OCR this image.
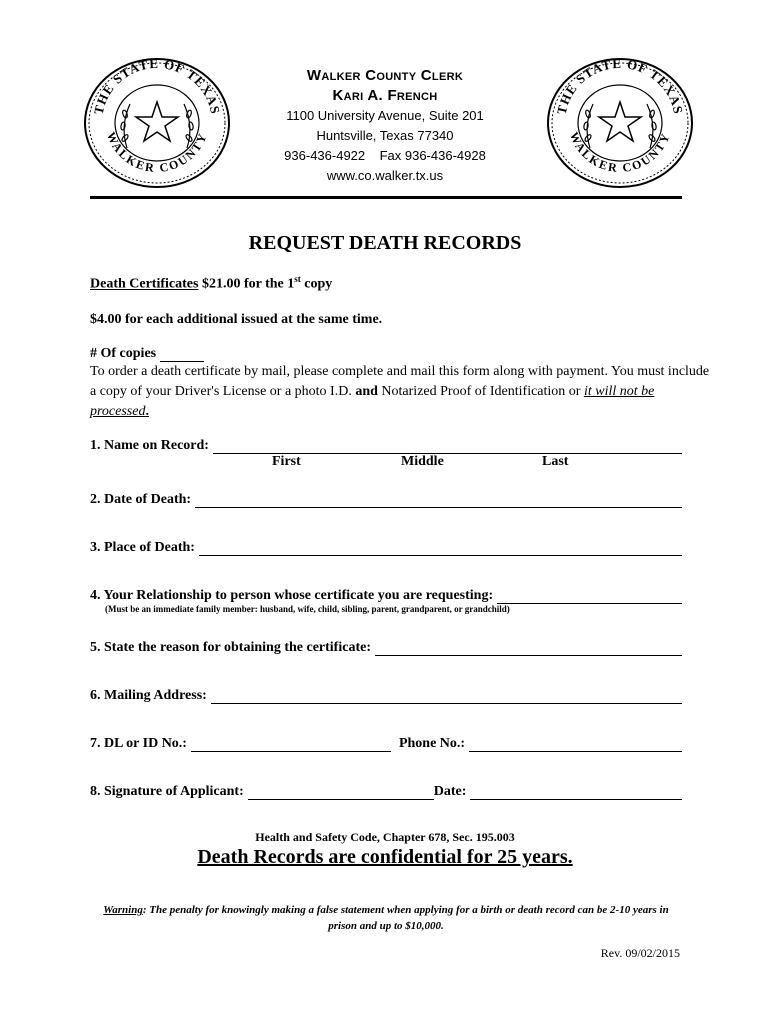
THE STATE OF TEXAS
WALKER COUNTY
Walker County Clerk
Kari A. French
1100 University Avenue, Suite 201
Huntsville, Texas 77340
936-436-4922    Fax 936-436-4928
www.co.walker.tx.us
THE STATE OF TEXAS
WALKER COUNTY
REQUEST DEATH RECORDS
Death Certificates $21.00 for the 1st copy
$4.00 for each additional issued at the same time.
# Of copies
To order a death certificate by mail, please complete and mail this form along with payment. You must include a copy of your Driver's License or a photo I.D. and Notarized Proof of Identification or it will not be processed.
1. Name on Record:
First	Middle	Last
2. Date of Death:
3. Place of Death:
4. Your Relationship to person whose certificate you are requesting:
(Must be an immediate family member: husband, wife, child, sibling, parent, grandparent, or grandchild)
5. State the reason for obtaining the certificate:
6. Mailing Address:
7. DL or ID No.:	Phone No.:
8. Signature of Applicant:	Date:
Health and Safety Code, Chapter 678, Sec. 195.003
Death Records are confidential for 25 years.
Warning: The penalty for knowingly making a false statement when applying for a birth or death record can be 2-10 years in prison and up to $10,000.
Rev. 09/02/2015
